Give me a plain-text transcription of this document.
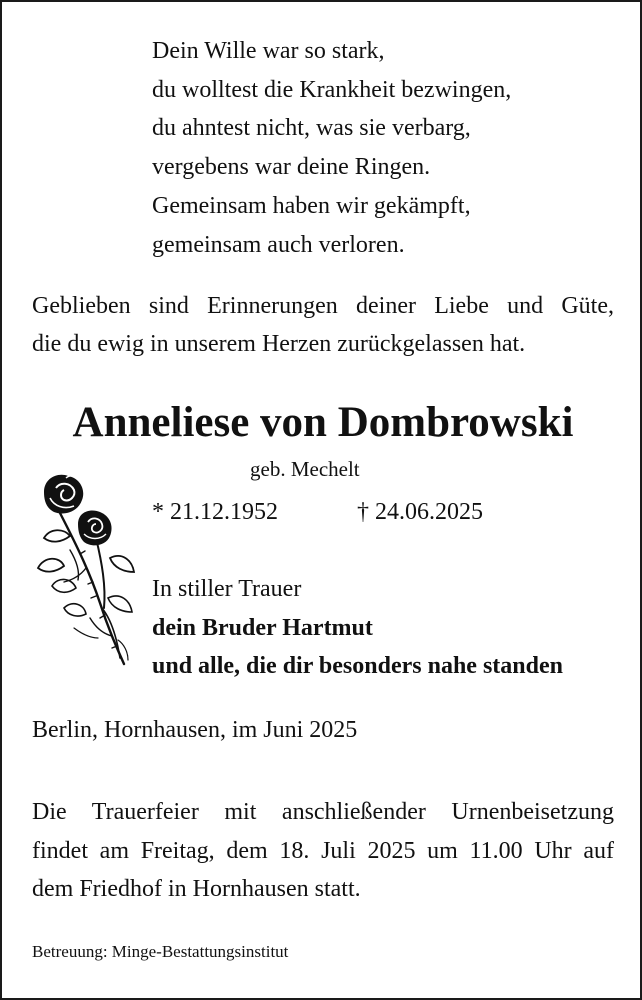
Dein Wille war so stark,
du wolltest die Krankheit bezwingen,
du ahntest nicht, was sie verbarg,
vergebens war deine Ringen.
Gemeinsam haben wir gekämpft,
gemeinsam auch verloren.
Geblieben sind Erinnerungen deiner Liebe und Güte,
die du ewig in unserem Herzen zurückgelassen hat.
Anneliese von Dombrowski
geb. Mechelt
* 21.12.1952	† 24.06.2025
In stiller Trauer
dein Bruder Hartmut
und alle, die dir besonders nahe standen
Berlin, Hornhausen, im Juni 2025
Die Trauerfeier mit anschließender Urnenbeisetzung
findet am Freitag, dem 18. Juli 2025 um 11.00 Uhr auf
dem Friedhof in Hornhausen statt.
Betreuung: Minge-Bestattungsinstitut
